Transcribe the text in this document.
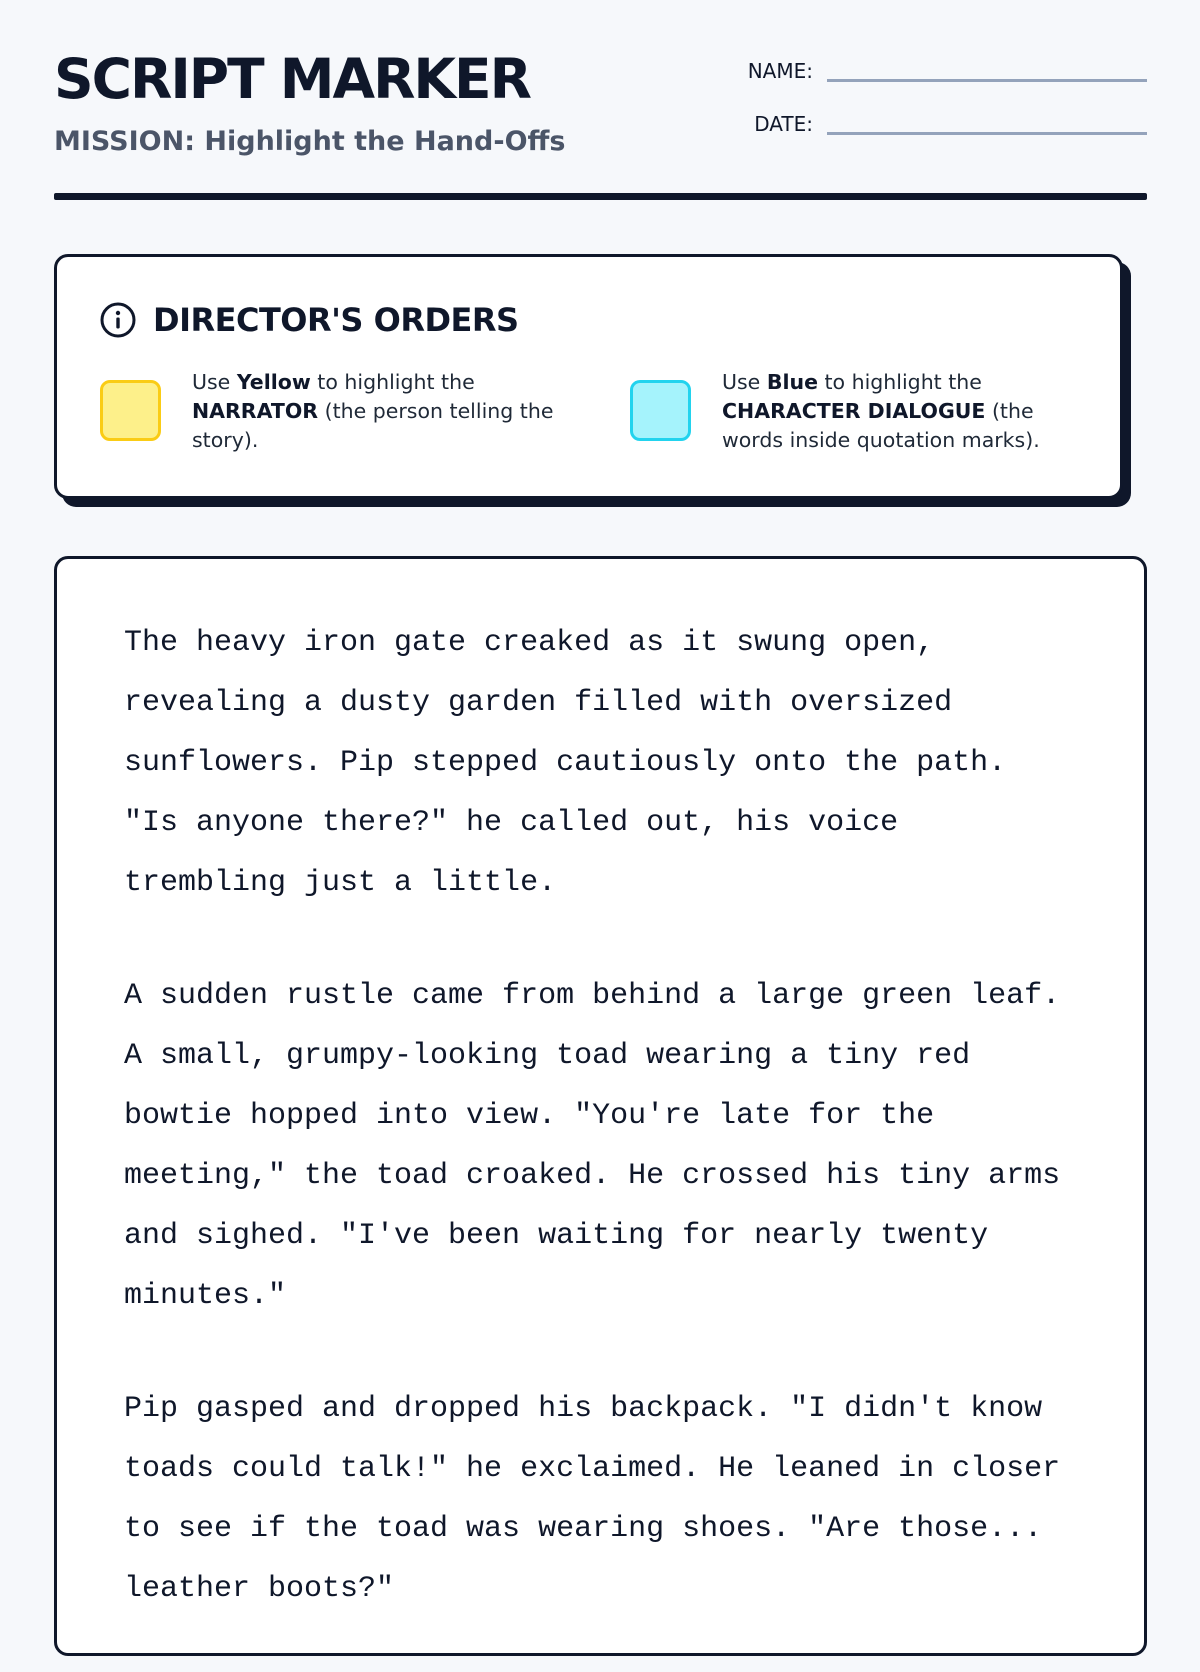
SCRIPT MARKER
MISSION: Highlight the Hand-Offs
NAME:
DATE:
DIRECTOR'S ORDERS
Use Yellow to highlight the NARRATOR (the person telling the story).
Use Blue to highlight the CHARACTER DIALOGUE (the words inside quotation marks).

The heavy iron gate creaked as it swung open,
revealing a dusty garden filled with oversized
sunflowers. Pip stepped cautiously onto the path.
"Is anyone there?" he called out, his voice
trembling just a little.

A sudden rustle came from behind a large green leaf.
A small, grumpy-looking toad wearing a tiny red
bowtie hopped into view. "You're late for the
meeting," the toad croaked. He crossed his tiny arms
and sighed. "I've been waiting for nearly twenty
minutes."

Pip gasped and dropped his backpack. "I didn't know
toads could talk!" he exclaimed. He leaned in closer
to see if the toad was wearing shoes. "Are those...
leather boots?"
